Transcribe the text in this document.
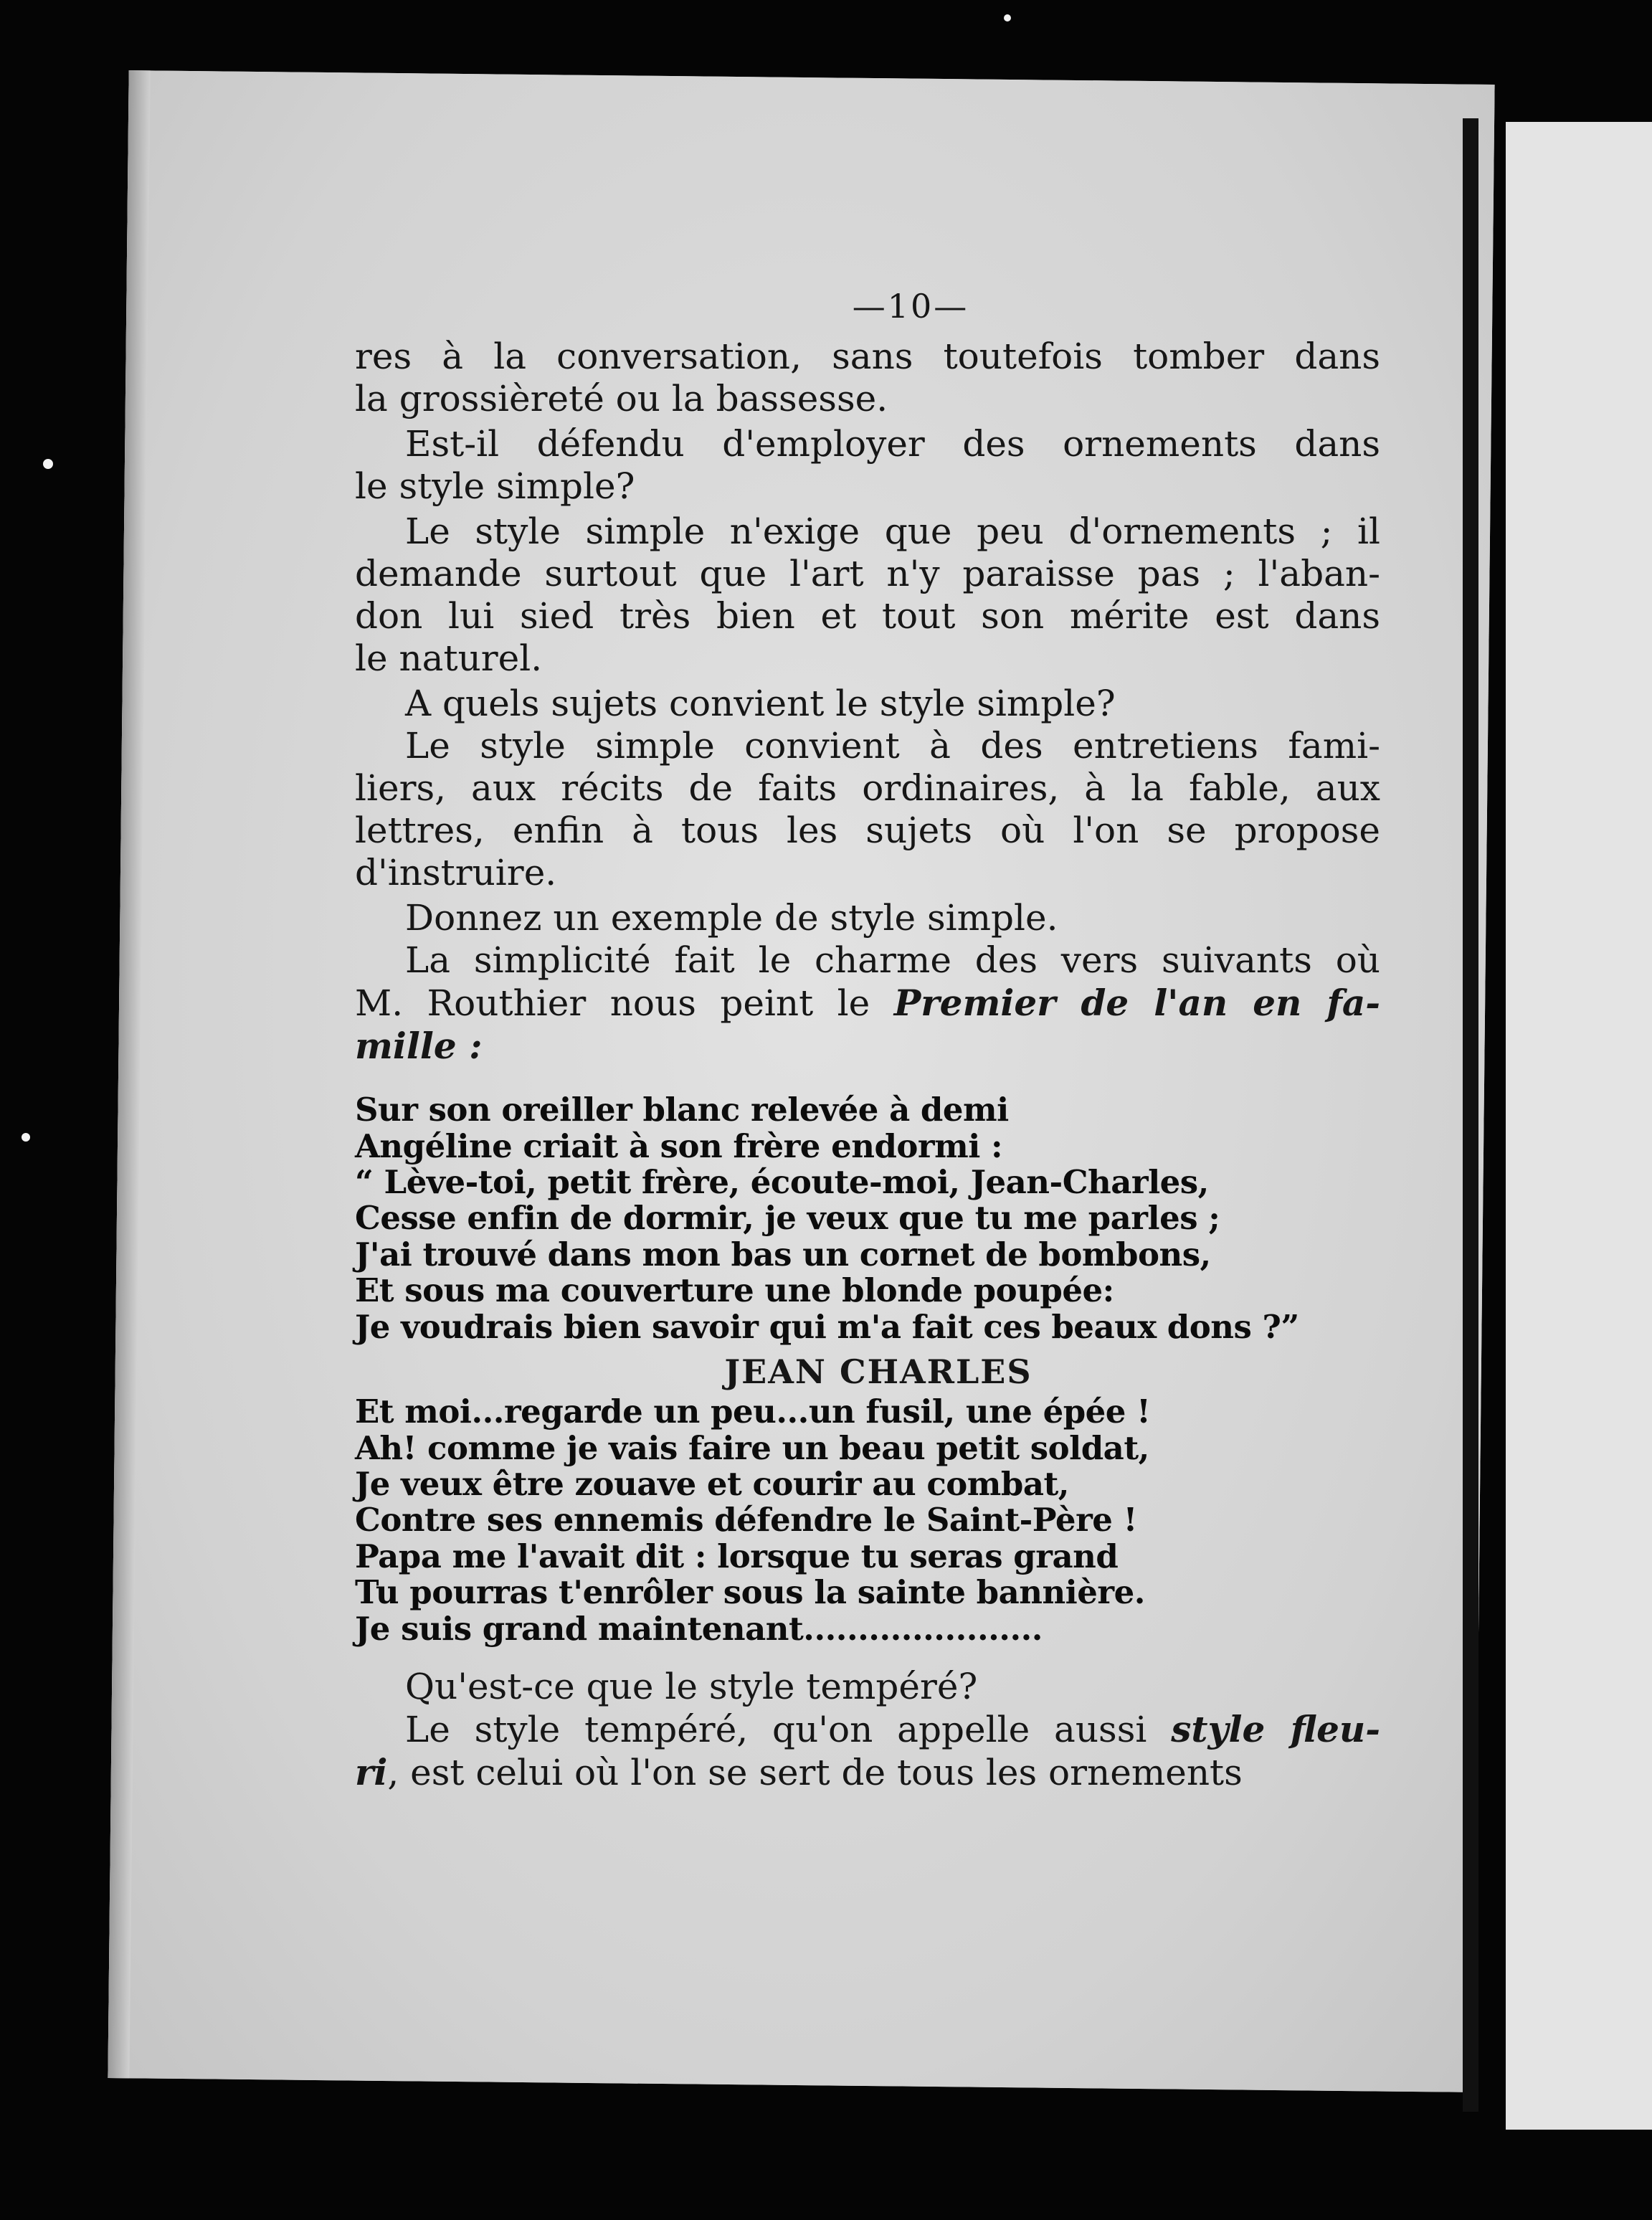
—10—
res à la conversation, sans toutefois tomber dans
la grossièreté ou la bassesse.
Est-il défendu d'employer des ornements dans
le style simple?
Le style simple n'exige que peu d'ornements ; il
demande surtout que l'art n'y paraisse pas ; l'aban-
don lui sied très bien et tout son mérite est dans
le naturel.
A quels sujets convient le style simple?
Le style simple convient à des entretiens fami-
liers, aux récits de faits ordinaires, à la fable, aux
lettres, enfin à tous les sujets où l'on se propose
d'instruire.
Donnez un exemple de style simple.
La simplicité fait le charme des vers suivants où
M. Routhier nous peint le Premier de l'an en fa-
mille :
Sur son oreiller blanc relevée à demi
Angéline criait à son frère endormi :
“ Lève-toi, petit frère, écoute-moi, Jean-Charles,
Cesse enfin de dormir, je veux que tu me parles ;
J'ai trouvé dans mon bas un cornet de bombons,
Et sous ma couverture une blonde poupée:
Je voudrais bien savoir qui m'a fait ces beaux dons ?”
JEAN CHARLES
Et moi...regarde un peu...un fusil, une épée !
Ah! comme je vais faire un beau petit soldat,
Je veux être zouave et courir au combat,
Contre ses ennemis défendre le Saint-Père !
Papa me l'avait dit : lorsque tu seras grand
Tu pourras t'enrôler sous la sainte bannière.
Je suis grand maintenant......................
Qu'est-ce que le style tempéré?
Le style tempéré, qu'on appelle aussi style fleu-
ri, est celui où l'on se sert de tous les ornements
